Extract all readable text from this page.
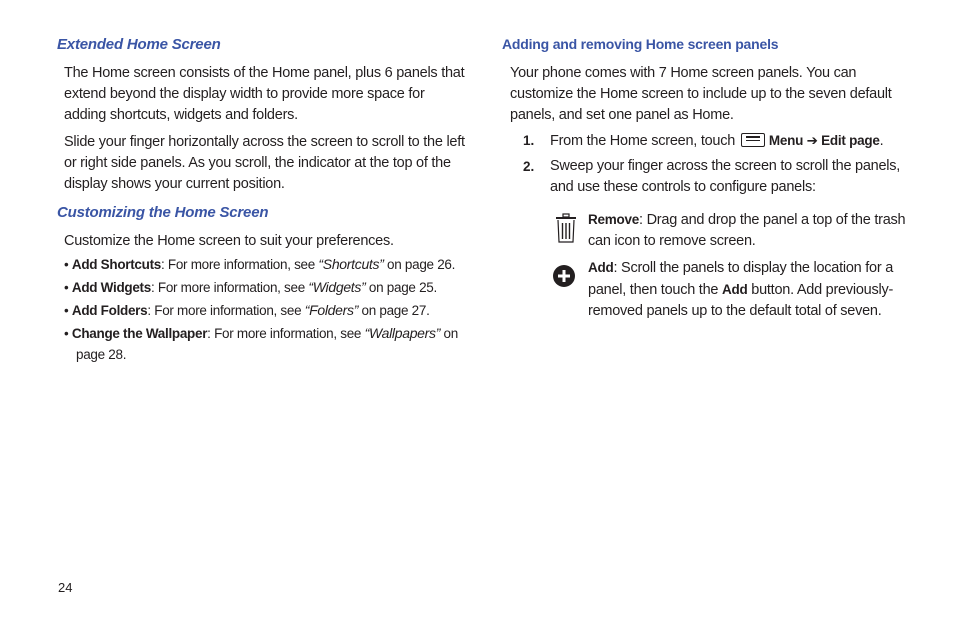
Extended Home Screen
The Home screen consists of the Home panel, plus 6 panels that
extend beyond the display width to provide more space for
adding shortcuts, widgets and folders.
Slide your finger horizontally across the screen to scroll to the left
or right side panels. As you scroll, the indicator at the top of the
display shows your current position.
Customizing the Home Screen

Customize the Home screen to suit your preferences.

• Add Shortcuts: For more information, see “Shortcuts” on page 26.
• Add Widgets: For more information, see “Widgets” on page 25.
• Add Folders: For more information, see “Folders” on page 27.
• Change the Wallpaper: For more information, see “Wallpapers” on
page 28.
Adding and removing Home screen panels
Your phone comes with 7 Home screen panels. You can
customize the Home screen to include up to the seven default
panels, and set one panel as Home.
1. From the Home screen, touch
Menu ➔ Edit page.
2. Sweep your finger across the screen to scroll the panels,
and use these controls to configure panels:
Remove: Drag and drop the panel a top of the trash
can icon to remove screen.
Add: Scroll the panels to display the location for a
panel, then touch the Add button. Add previously-
removed panels up to the default total of seven.
24
